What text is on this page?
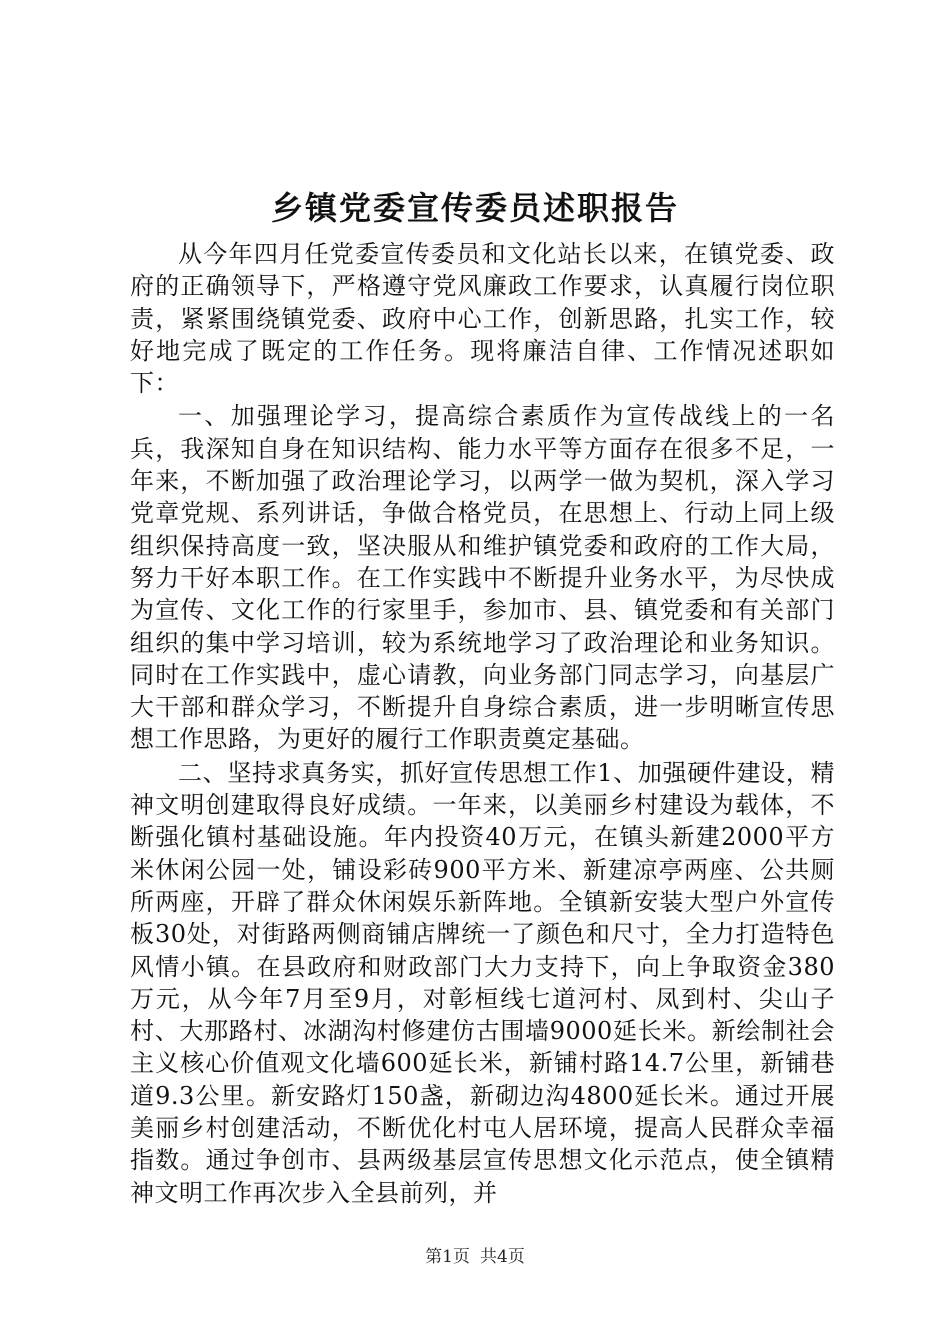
乡镇党委宣传委员述职报告

从今年四月任党委宣传委员和文化站长以来，在镇党委、政府的正确领导下，严格遵守党风廉政工作要求，认真履行岗位职责，紧紧围绕镇党委、政府中心工作，创新思路，扎实工作，较好地完成了既定的工作任务。现将廉洁自律、工作情况述职如下：

一、加强理论学习，提高综合素质作为宣传战线上的一名兵，我深知自身在知识结构、能力水平等方面存在很多不足，一年来，不断加强了政治理论学习，以两学一做为契机，深入学习党章党规、系列讲话，争做合格党员，在思想上、行动上同上级组织保持高度一致，坚决服从和维护镇党委和政府的工作大局，努力干好本职工作。在工作实践中不断提升业务水平，为尽快成为宣传、文化工作的行家里手，参加市、县、镇党委和有关部门组织的集中学习培训，较为系统地学习了政治理论和业务知识。同时在工作实践中，虚心请教，向业务部门同志学习，向基层广大干部和群众学习，不断提升自身综合素质，进一步明晰宣传思想工作思路，为更好的履行工作职责奠定基础。

二、坚持求真务实，抓好宣传思想工作1、加强硬件建设，精神文明创建取得良好成绩。一年来，以美丽乡村建设为载体，不断强化镇村基础设施。年内投资40万元，在镇头新建2000平方米休闲公园一处，铺设彩砖900平方米、新建凉亭两座、公共厕所两座，开辟了群众休闲娱乐新阵地。全镇新安装大型户外宣传板30处，对街路两侧商铺店牌统一了颜色和尺寸，全力打造特色风情小镇。在县政府和财政部门大力支持下，向上争取资金380万元，从今年7月至9月，对彰桓线七道河村、凤到村、尖山子村、大那路村、冰湖沟村修建仿古围墙9000延长米。新绘制社会主义核心价值观文化墙600延长米，新铺村路14.7公里，新铺巷道9.3公里。新安路灯150盏，新砌边沟4800延长米。通过开展美丽乡村创建活动，不断优化村屯人居环境，提高人民群众幸福指数。通过争创市、县两级基层宣传思想文化示范点，使全镇精神文明工作再次步入全县前列，并

第1页 共4页
